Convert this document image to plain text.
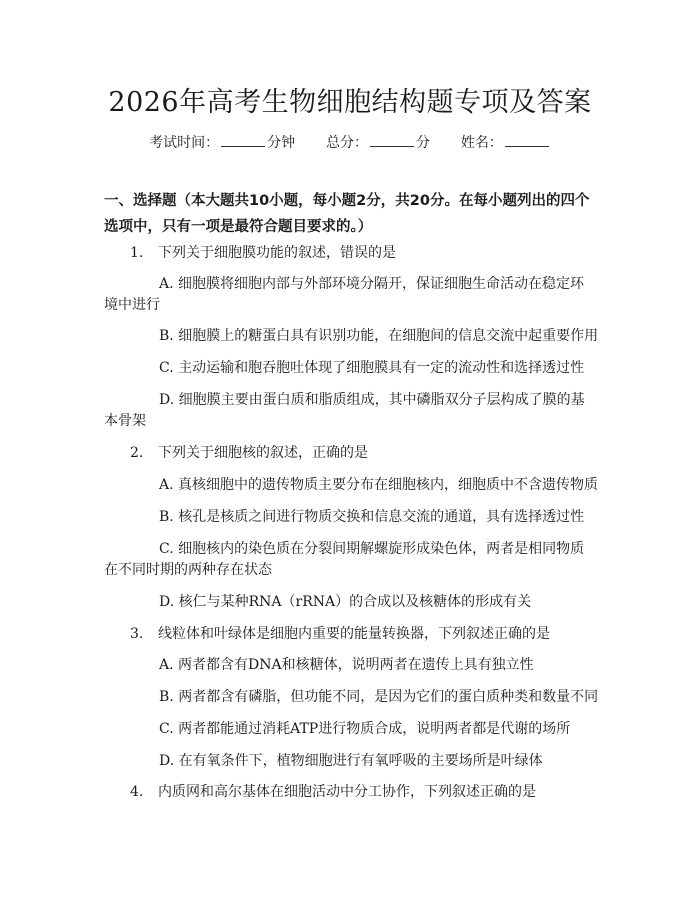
2026年高考生物细胞结构题专项及答案
考试时间：	分钟 总分：	分 姓名：
一、选择题（本大题共10小题，每小题2分，共20分。在每小题列出的四个选项中，只有一项是最符合题目要求的。）
1. 下列关于细胞膜功能的叙述，错误的是
A. 细胞膜将细胞内部与外部环境分隔开，保证细胞生命活动在稳定环境中进行
B. 细胞膜上的糖蛋白具有识别功能，在细胞间的信息交流中起重要作用
C. 主动运输和胞吞胞吐体现了细胞膜具有一定的流动性和选择透过性
D. 细胞膜主要由蛋白质和脂质组成，其中磷脂双分子层构成了膜的基本骨架
2. 下列关于细胞核的叙述，正确的是
A. 真核细胞中的遗传物质主要分布在细胞核内，细胞质中不含遗传物质
B. 核孔是核质之间进行物质交换和信息交流的通道，具有选择透过性
C. 细胞核内的染色质在分裂间期解螺旋形成染色体，两者是相同物质在不同时期的两种存在状态
D. 核仁与某种RNA（rRNA）的合成以及核糖体的形成有关
3. 线粒体和叶绿体是细胞内重要的能量转换器，下列叙述正确的是
A. 两者都含有DNA和核糖体，说明两者在遗传上具有独立性
B. 两者都含有磷脂，但功能不同，是因为它们的蛋白质种类和数量不同
C. 两者都能通过消耗ATP进行物质合成，说明两者都是代谢的场所
D. 在有氧条件下，植物细胞进行有氧呼吸的主要场所是叶绿体
4. 内质网和高尔基体在细胞活动中分工协作，下列叙述正确的是
